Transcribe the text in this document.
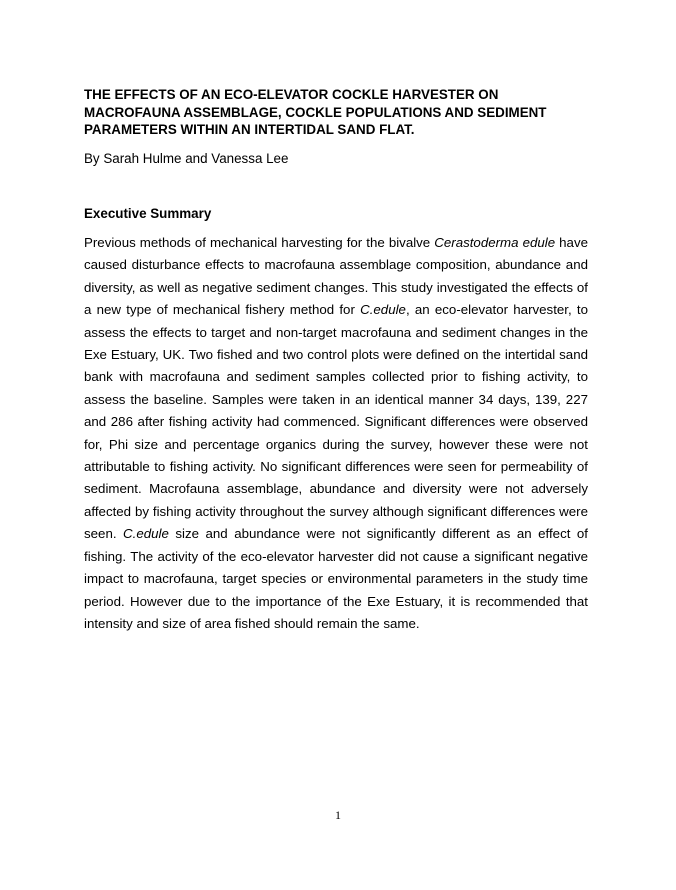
THE EFFECTS OF AN ECO-ELEVATOR COCKLE HARVESTER ON MACROFAUNA ASSEMBLAGE, COCKLE POPULATIONS AND SEDIMENT PARAMETERS WITHIN AN INTERTIDAL SAND FLAT.

By Sarah Hulme and Vanessa Lee

Executive Summary

Previous methods of mechanical harvesting for the bivalve Cerastoderma edule have caused disturbance effects to macrofauna assemblage composition, abundance and diversity, as well as negative sediment changes. This study investigated the effects of a new type of mechanical fishery method for C.edule, an eco-elevator harvester, to assess the effects to target and non-target macrofauna and sediment changes in the Exe Estuary, UK. Two fished and two control plots were defined on the intertidal sand bank with macrofauna and sediment samples collected prior to fishing activity, to assess the baseline. Samples were taken in an identical manner 34 days, 139, 227 and 286 after fishing activity had commenced. Significant differences were observed for, Phi size and percentage organics during the survey, however these were not attributable to fishing activity. No significant differences were seen for permeability of sediment. Macrofauna assemblage, abundance and diversity were not adversely affected by fishing activity throughout the survey although significant differences were seen. C.edule size and abundance were not significantly different as an effect of fishing. The activity of the eco-elevator harvester did not cause a significant negative impact to macrofauna, target species or environmental parameters in the study time period. However due to the importance of the Exe Estuary, it is recommended that intensity and size of area fished should remain the same.

1
